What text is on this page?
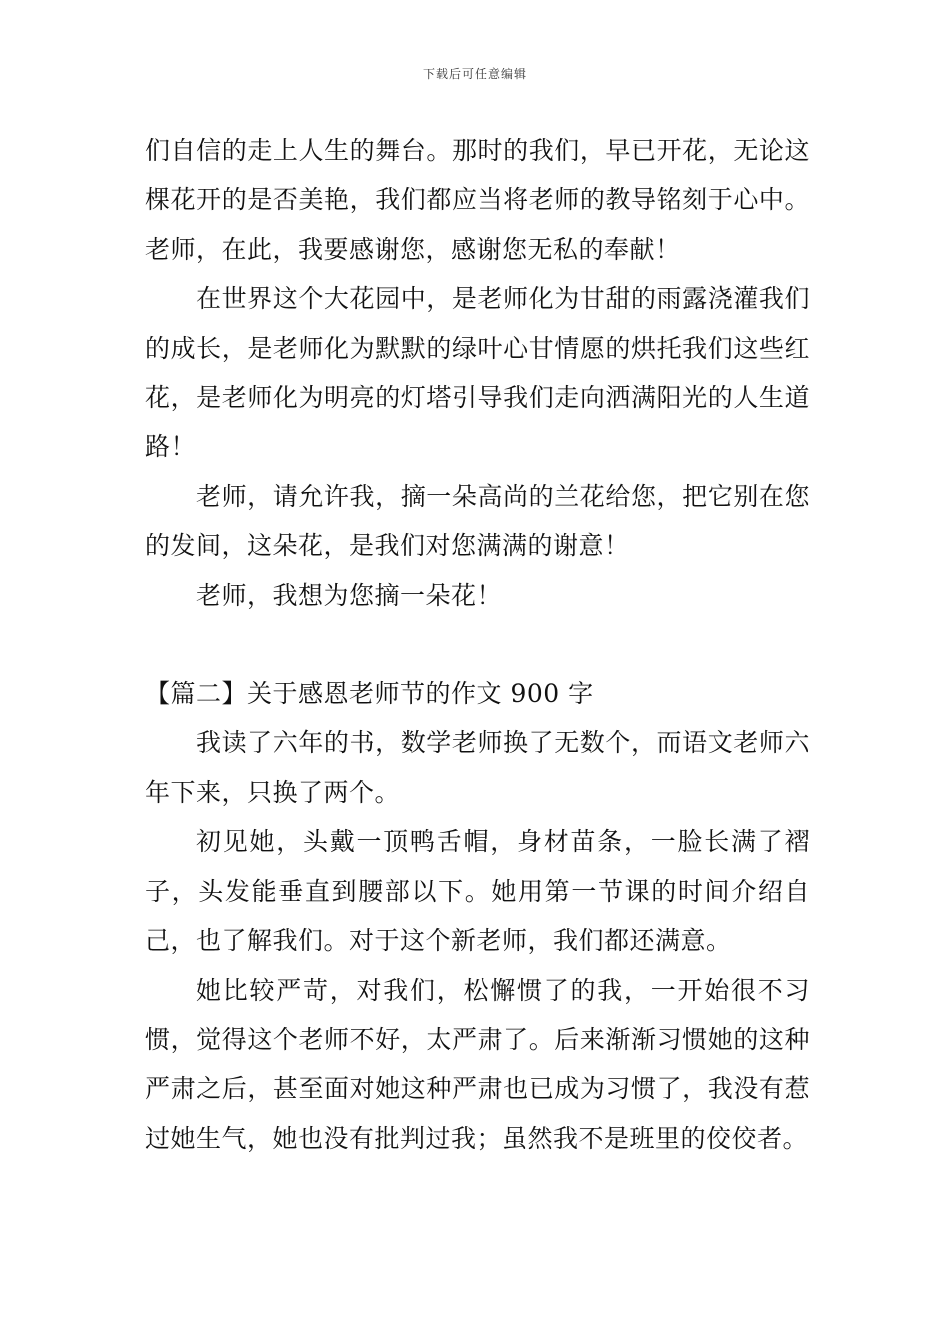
下载后可任意编辑

们自信的走上人生的舞台。那时的我们，早已开花，无论这棵花开的是否美艳，我们都应当将老师的教导铭刻于心中。老师，在此，我要感谢您，感谢您无私的奉献！

在世界这个大花园中，是老师化为甘甜的雨露浇灌我们的成长，是老师化为默默的绿叶心甘情愿的烘托我们这些红花，是老师化为明亮的灯塔引导我们走向洒满阳光的人生道路！

老师，请允许我，摘一朵高尚的兰花给您，把它别在您的发间，这朵花，是我们对您满满的谢意！

老师，我想为您摘一朵花！

【篇二】关于感恩老师节的作文 900 字

我读了六年的书，数学老师换了无数个，而语文老师六年下来，只换了两个。

初见她，头戴一顶鸭舌帽，身材苗条，一脸长满了褶子，头发能垂直到腰部以下。她用第一节课的时间介绍自己，也了解我们。对于这个新老师，我们都还满意。

她比较严苛，对我们，松懈惯了的我，一开始很不习惯，觉得这个老师不好，太严肃了。后来渐渐习惯她的这种严肃之后，甚至面对她这种严肃也已成为习惯了，我没有惹过她生气，她也没有批判过我；虽然我不是班里的佼佼者。
